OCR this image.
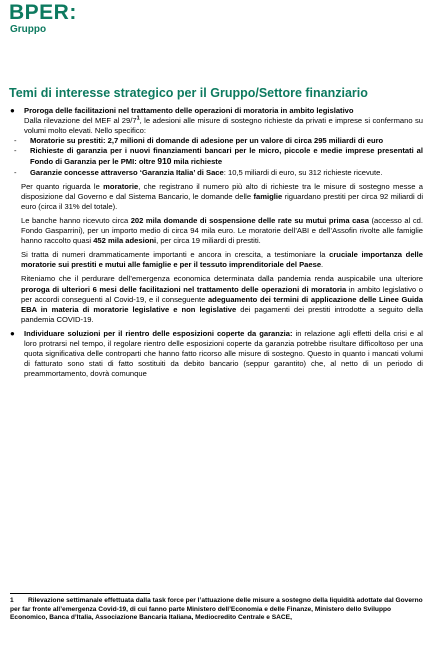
BPER:
Gruppo
Temi di interesse strategico per il Gruppo/Settore finanziario
●	Proroga delle facilitazioni nel trattamento delle operazioni di moratoria in ambito legislativo
Dalla rilevazione del MEF al $29/7^1$, le adesioni alle misure di sostegno richieste da privati e imprese si confermano su volumi molto elevati. Nello specifico:
-	Moratorie su prestiti: 2,7 milioni di domande di adesione per un valore di circa 295 miliardi di euro
-	Richieste di garanzia per i nuovi finanziamenti bancari per le micro, piccole e medie imprese presentati al Fondo di Garanzia per le PMI: oltre 910 mila richieste
-	Garanzie concesse attraverso ‘Garanzia Italia’ di Sace: 10,5 miliardi di euro, su 312 richieste ricevute.

Per quanto riguarda le moratorie, che registrano il numero più alto di richieste tra le misure di sostegno messe a disposizione dal Governo e dal Sistema Bancario, le domande delle famiglie riguardano prestiti per circa 92 miliardi di euro (circa il 31% del totale).

Le banche hanno ricevuto circa 202 mila domande di sospensione delle rate su mutui prima casa (accesso al cd. Fondo Gasparrini), per un importo medio di circa 94 mila euro. Le moratorie dell’ABI e dell’Assofin rivolte alle famiglie hanno raccolto quasi 452 mila adesioni, per circa 19 miliardi di prestiti.

Si tratta di numeri drammaticamente importanti e ancora in crescita, a testimoniare la cruciale importanza delle moratorie sui prestiti e mutui alle famiglie e per il tessuto imprenditoriale del Paese.

Riteniamo che il perdurare dell’emergenza economica determinata dalla pandemia renda auspicabile una ulteriore proroga di ulteriori 6 mesi delle facilitazioni nel trattamento delle operazioni di moratoria in ambito legislativo o per accordi conseguenti al Covid-19, e il conseguente adeguamento dei termini di applicazione delle Linee Guida EBA in materia di moratorie legislative e non legislative dei pagamenti dei prestiti introdotte a seguito della pandemia COVID-19.

●	Individuare soluzioni per il rientro delle esposizioni coperte da garanzia: in relazione agli effetti della crisi e al loro protrarsi nel tempo, il regolare rientro delle esposizioni coperte da garanzia potrebbe risultare difficoltoso per una quota significativa delle controparti che hanno fatto ricorso alle misure di sostegno. Questo in quanto i mancati volumi di fatturato sono stati di fatto sostituiti da debito bancario (seppur garantito) che, al netto di un periodo di preammortamento, dovrà comunque
1 Rilevazione settimanale effettuata dalla task force per l’attuazione delle misure a sostegno della liquidità adottate dal Governo per far fronte all’emergenza Covid-19, di cui fanno parte Ministero dell’Economia e delle Finanze, Ministero dello Sviluppo Economico, Banca d’Italia, Associazione Bancaria Italiana, Mediocredito Centrale e SACE,
